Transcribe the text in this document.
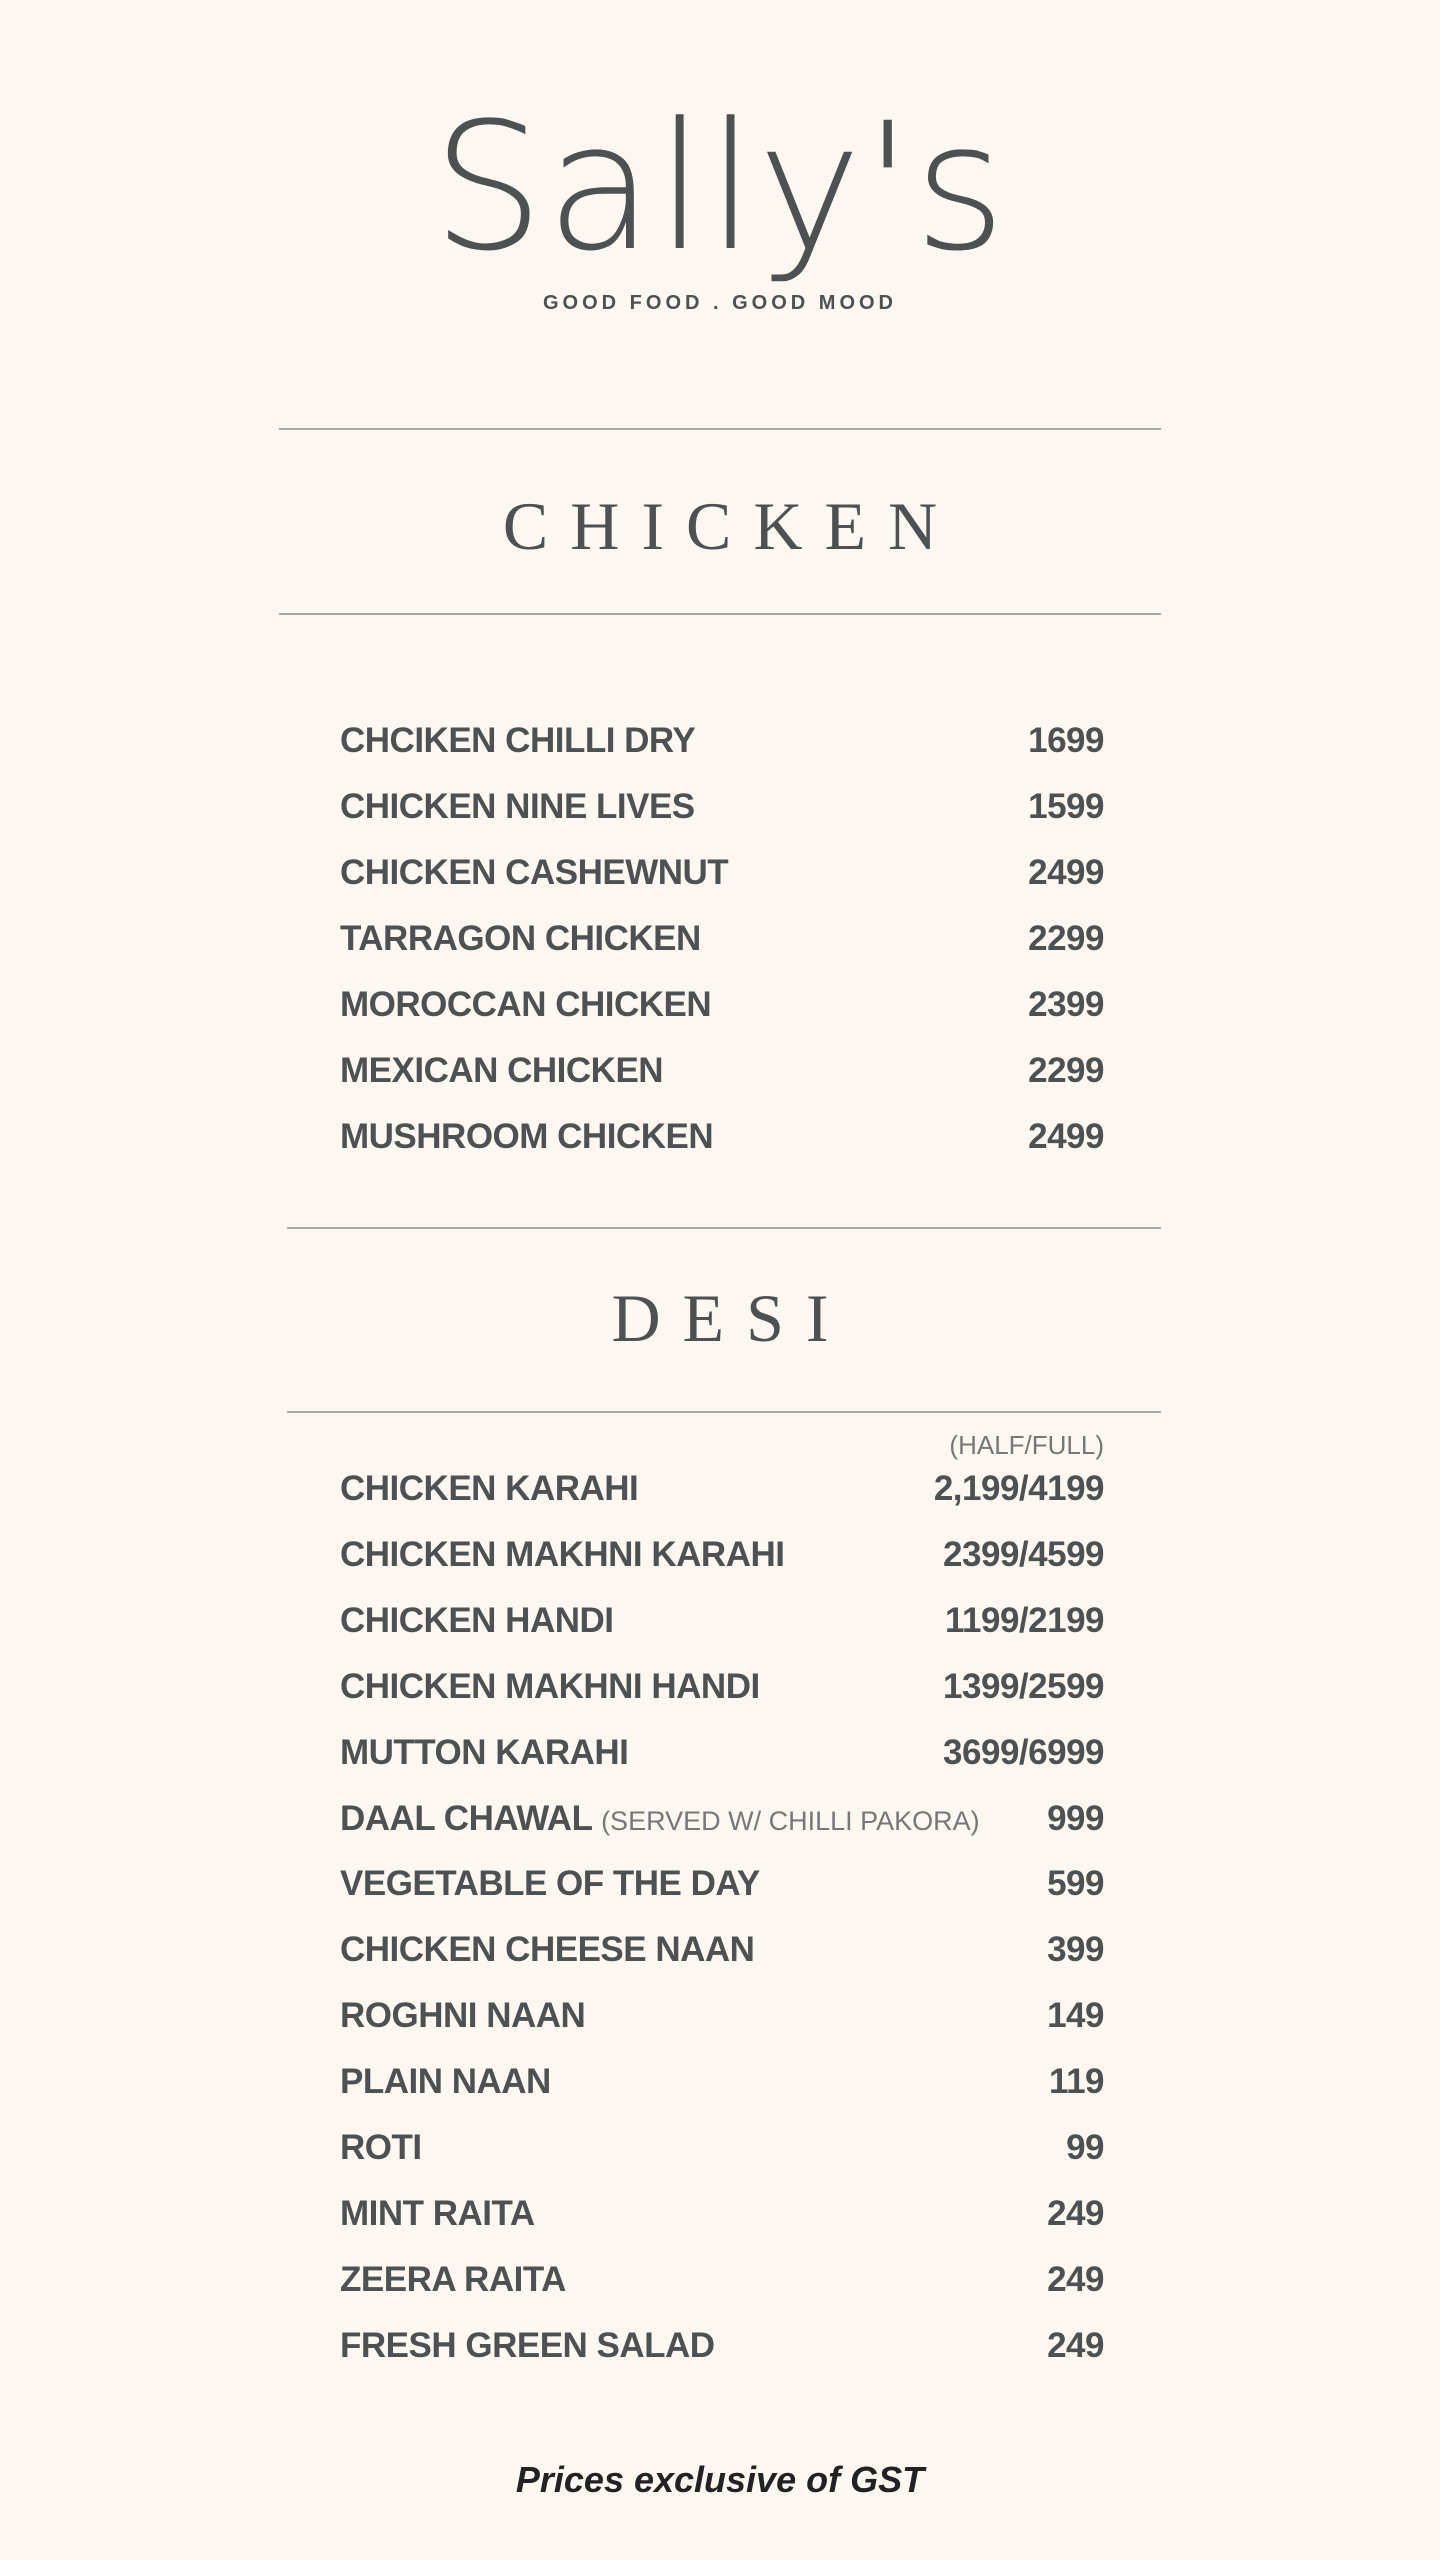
Sally's
GOOD FOOD . GOOD MOOD
CHICKEN
CHCIKEN CHILLI DRY	1699
CHICKEN NINE LIVES	1599
CHICKEN CASHEWNUT	2499
TARRAGON CHICKEN	2299
MOROCCAN CHICKEN	2399
MEXICAN CHICKEN	2299
MUSHROOM CHICKEN	2499
DESI
(HALF/FULL)
CHICKEN KARAHI	2,199/4199
CHICKEN MAKHNI KARAHI	2399/4599
CHICKEN HANDI	1199/2199
CHICKEN MAKHNI HANDI	1399/2599
MUTTON KARAHI	3699/6999
DAAL CHAWAL (SERVED W/ CHILLI PAKORA) 999
VEGETABLE OF THE DAY	599
CHICKEN CHEESE NAAN	399
ROGHNI NAAN	149
PLAIN NAAN	119
ROTI	99
MINT RAITA	249
ZEERA RAITA	249
FRESH GREEN SALAD	249
Prices exclusive of GST
